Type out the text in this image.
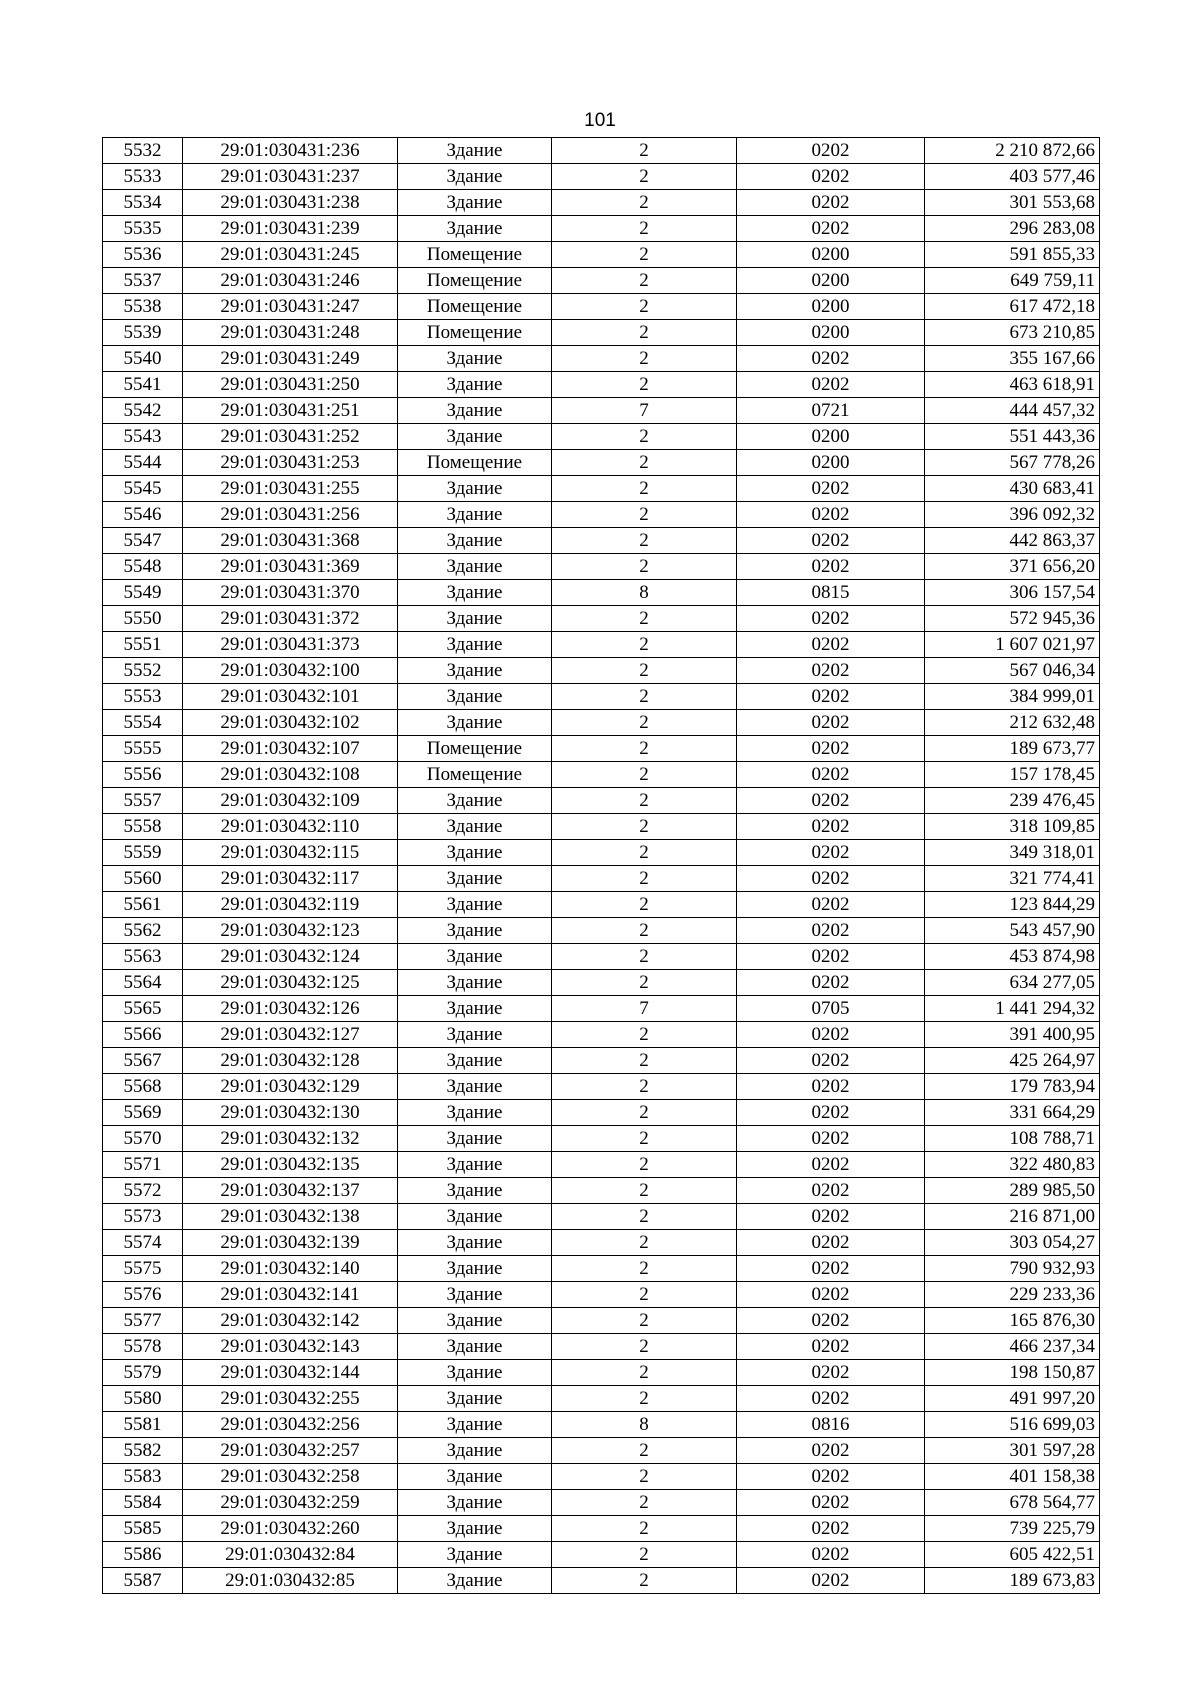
101
5532	29:01:030431:236	Здание	2	0202	2 210 872,66
5533	29:01:030431:237	Здание	2	0202	403 577,46
5534	29:01:030431:238	Здание	2	0202	301 553,68
5535	29:01:030431:239	Здание	2	0202	296 283,08
5536	29:01:030431:245	Помещение	2	0200	591 855,33
5537	29:01:030431:246	Помещение	2	0200	649 759,11
5538	29:01:030431:247	Помещение	2	0200	617 472,18
5539	29:01:030431:248	Помещение	2	0200	673 210,85
5540	29:01:030431:249	Здание	2	0202	355 167,66
5541	29:01:030431:250	Здание	2	0202	463 618,91
5542	29:01:030431:251	Здание	7	0721	444 457,32
5543	29:01:030431:252	Здание	2	0200	551 443,36
5544	29:01:030431:253	Помещение	2	0200	567 778,26
5545	29:01:030431:255	Здание	2	0202	430 683,41
5546	29:01:030431:256	Здание	2	0202	396 092,32
5547	29:01:030431:368	Здание	2	0202	442 863,37
5548	29:01:030431:369	Здание	2	0202	371 656,20
5549	29:01:030431:370	Здание	8	0815	306 157,54
5550	29:01:030431:372	Здание	2	0202	572 945,36
5551	29:01:030431:373	Здание	2	0202	1 607 021,97
5552	29:01:030432:100	Здание	2	0202	567 046,34
5553	29:01:030432:101	Здание	2	0202	384 999,01
5554	29:01:030432:102	Здание	2	0202	212 632,48
5555	29:01:030432:107	Помещение	2	0202	189 673,77
5556	29:01:030432:108	Помещение	2	0202	157 178,45
5557	29:01:030432:109	Здание	2	0202	239 476,45
5558	29:01:030432:110	Здание	2	0202	318 109,85
5559	29:01:030432:115	Здание	2	0202	349 318,01
5560	29:01:030432:117	Здание	2	0202	321 774,41
5561	29:01:030432:119	Здание	2	0202	123 844,29
5562	29:01:030432:123	Здание	2	0202	543 457,90
5563	29:01:030432:124	Здание	2	0202	453 874,98
5564	29:01:030432:125	Здание	2	0202	634 277,05
5565	29:01:030432:126	Здание	7	0705	1 441 294,32
5566	29:01:030432:127	Здание	2	0202	391 400,95
5567	29:01:030432:128	Здание	2	0202	425 264,97
5568	29:01:030432:129	Здание	2	0202	179 783,94
5569	29:01:030432:130	Здание	2	0202	331 664,29
5570	29:01:030432:132	Здание	2	0202	108 788,71
5571	29:01:030432:135	Здание	2	0202	322 480,83
5572	29:01:030432:137	Здание	2	0202	289 985,50
5573	29:01:030432:138	Здание	2	0202	216 871,00
5574	29:01:030432:139	Здание	2	0202	303 054,27
5575	29:01:030432:140	Здание	2	0202	790 932,93
5576	29:01:030432:141	Здание	2	0202	229 233,36
5577	29:01:030432:142	Здание	2	0202	165 876,30
5578	29:01:030432:143	Здание	2	0202	466 237,34
5579	29:01:030432:144	Здание	2	0202	198 150,87
5580	29:01:030432:255	Здание	2	0202	491 997,20
5581	29:01:030432:256	Здание	8	0816	516 699,03
5582	29:01:030432:257	Здание	2	0202	301 597,28
5583	29:01:030432:258	Здание	2	0202	401 158,38
5584	29:01:030432:259	Здание	2	0202	678 564,77
5585	29:01:030432:260	Здание	2	0202	739 225,79
5586	29:01:030432:84	Здание	2	0202	605 422,51
5587	29:01:030432:85	Здание	2	0202	189 673,83
